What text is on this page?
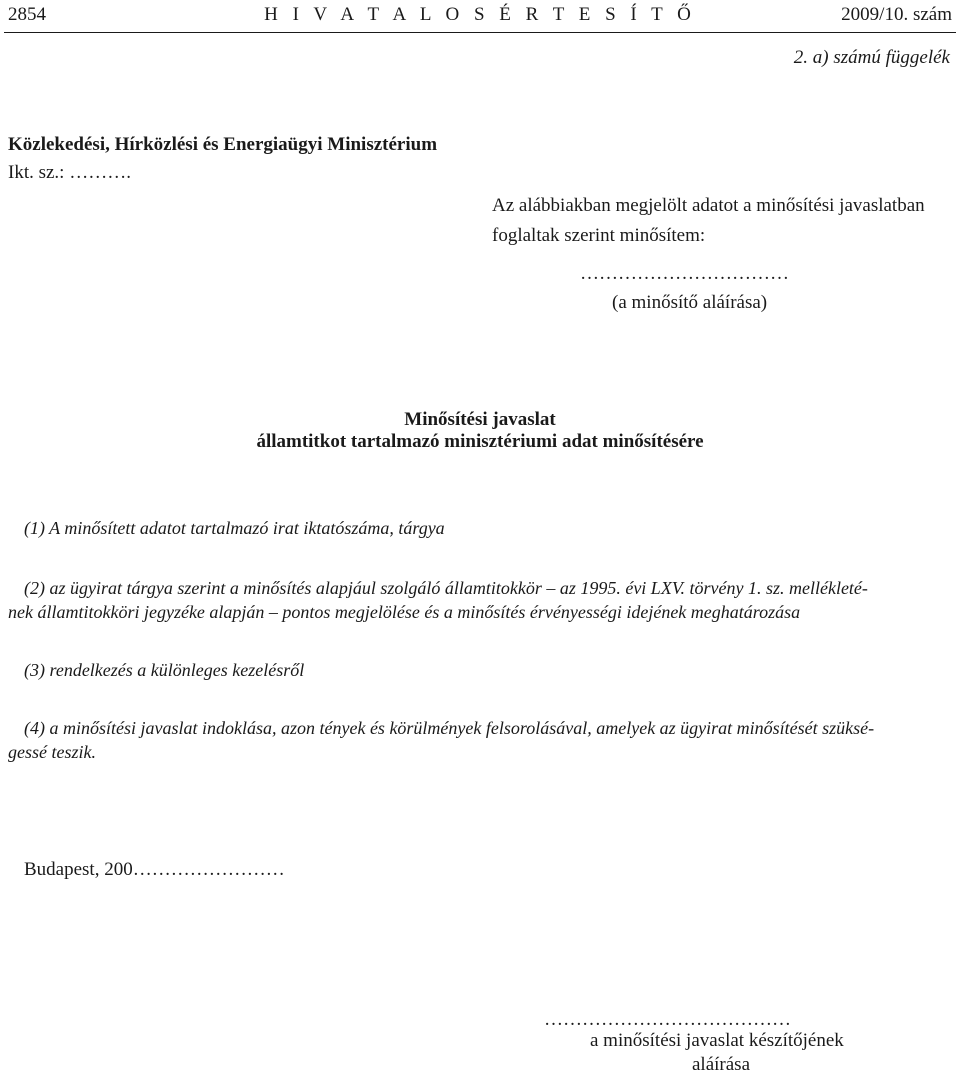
2854	H I V A T A L O S É R T E S Í T Ő	2009/10. szám
2. a) számú függelék
Közlekedési, Hírközlési és Energiaügyi Minisztérium
Ikt. sz.: ……….
Az alábbiakban megjelölt adatot a minősítési javaslatban
foglaltak szerint minősítem:
……………………………
(a minősítő aláírása)
Minősítési javaslat
államtitkot tartalmazó minisztériumi adat minősítésére
(1) A minősített adatot tartalmazó irat iktatószáma, tárgya
(2) az ügyirat tárgya szerint a minősítés alapjául szolgáló államtitokkör – az 1995. évi LXV. törvény 1. sz. mellékleté-
nek államtitokköri jegyzéke alapján – pontos megjelölése és a minősítés érvényességi idejének meghatározása
(3) rendelkezés a különleges kezelésről
(4) a minősítési javaslat indoklása, azon tények és körülmények felsorolásával, amelyek az ügyirat minősítését szüksé-
gessé teszik.
Budapest, 200……………………
…………………………………
a minősítési javaslat készítőjének
aláírása
